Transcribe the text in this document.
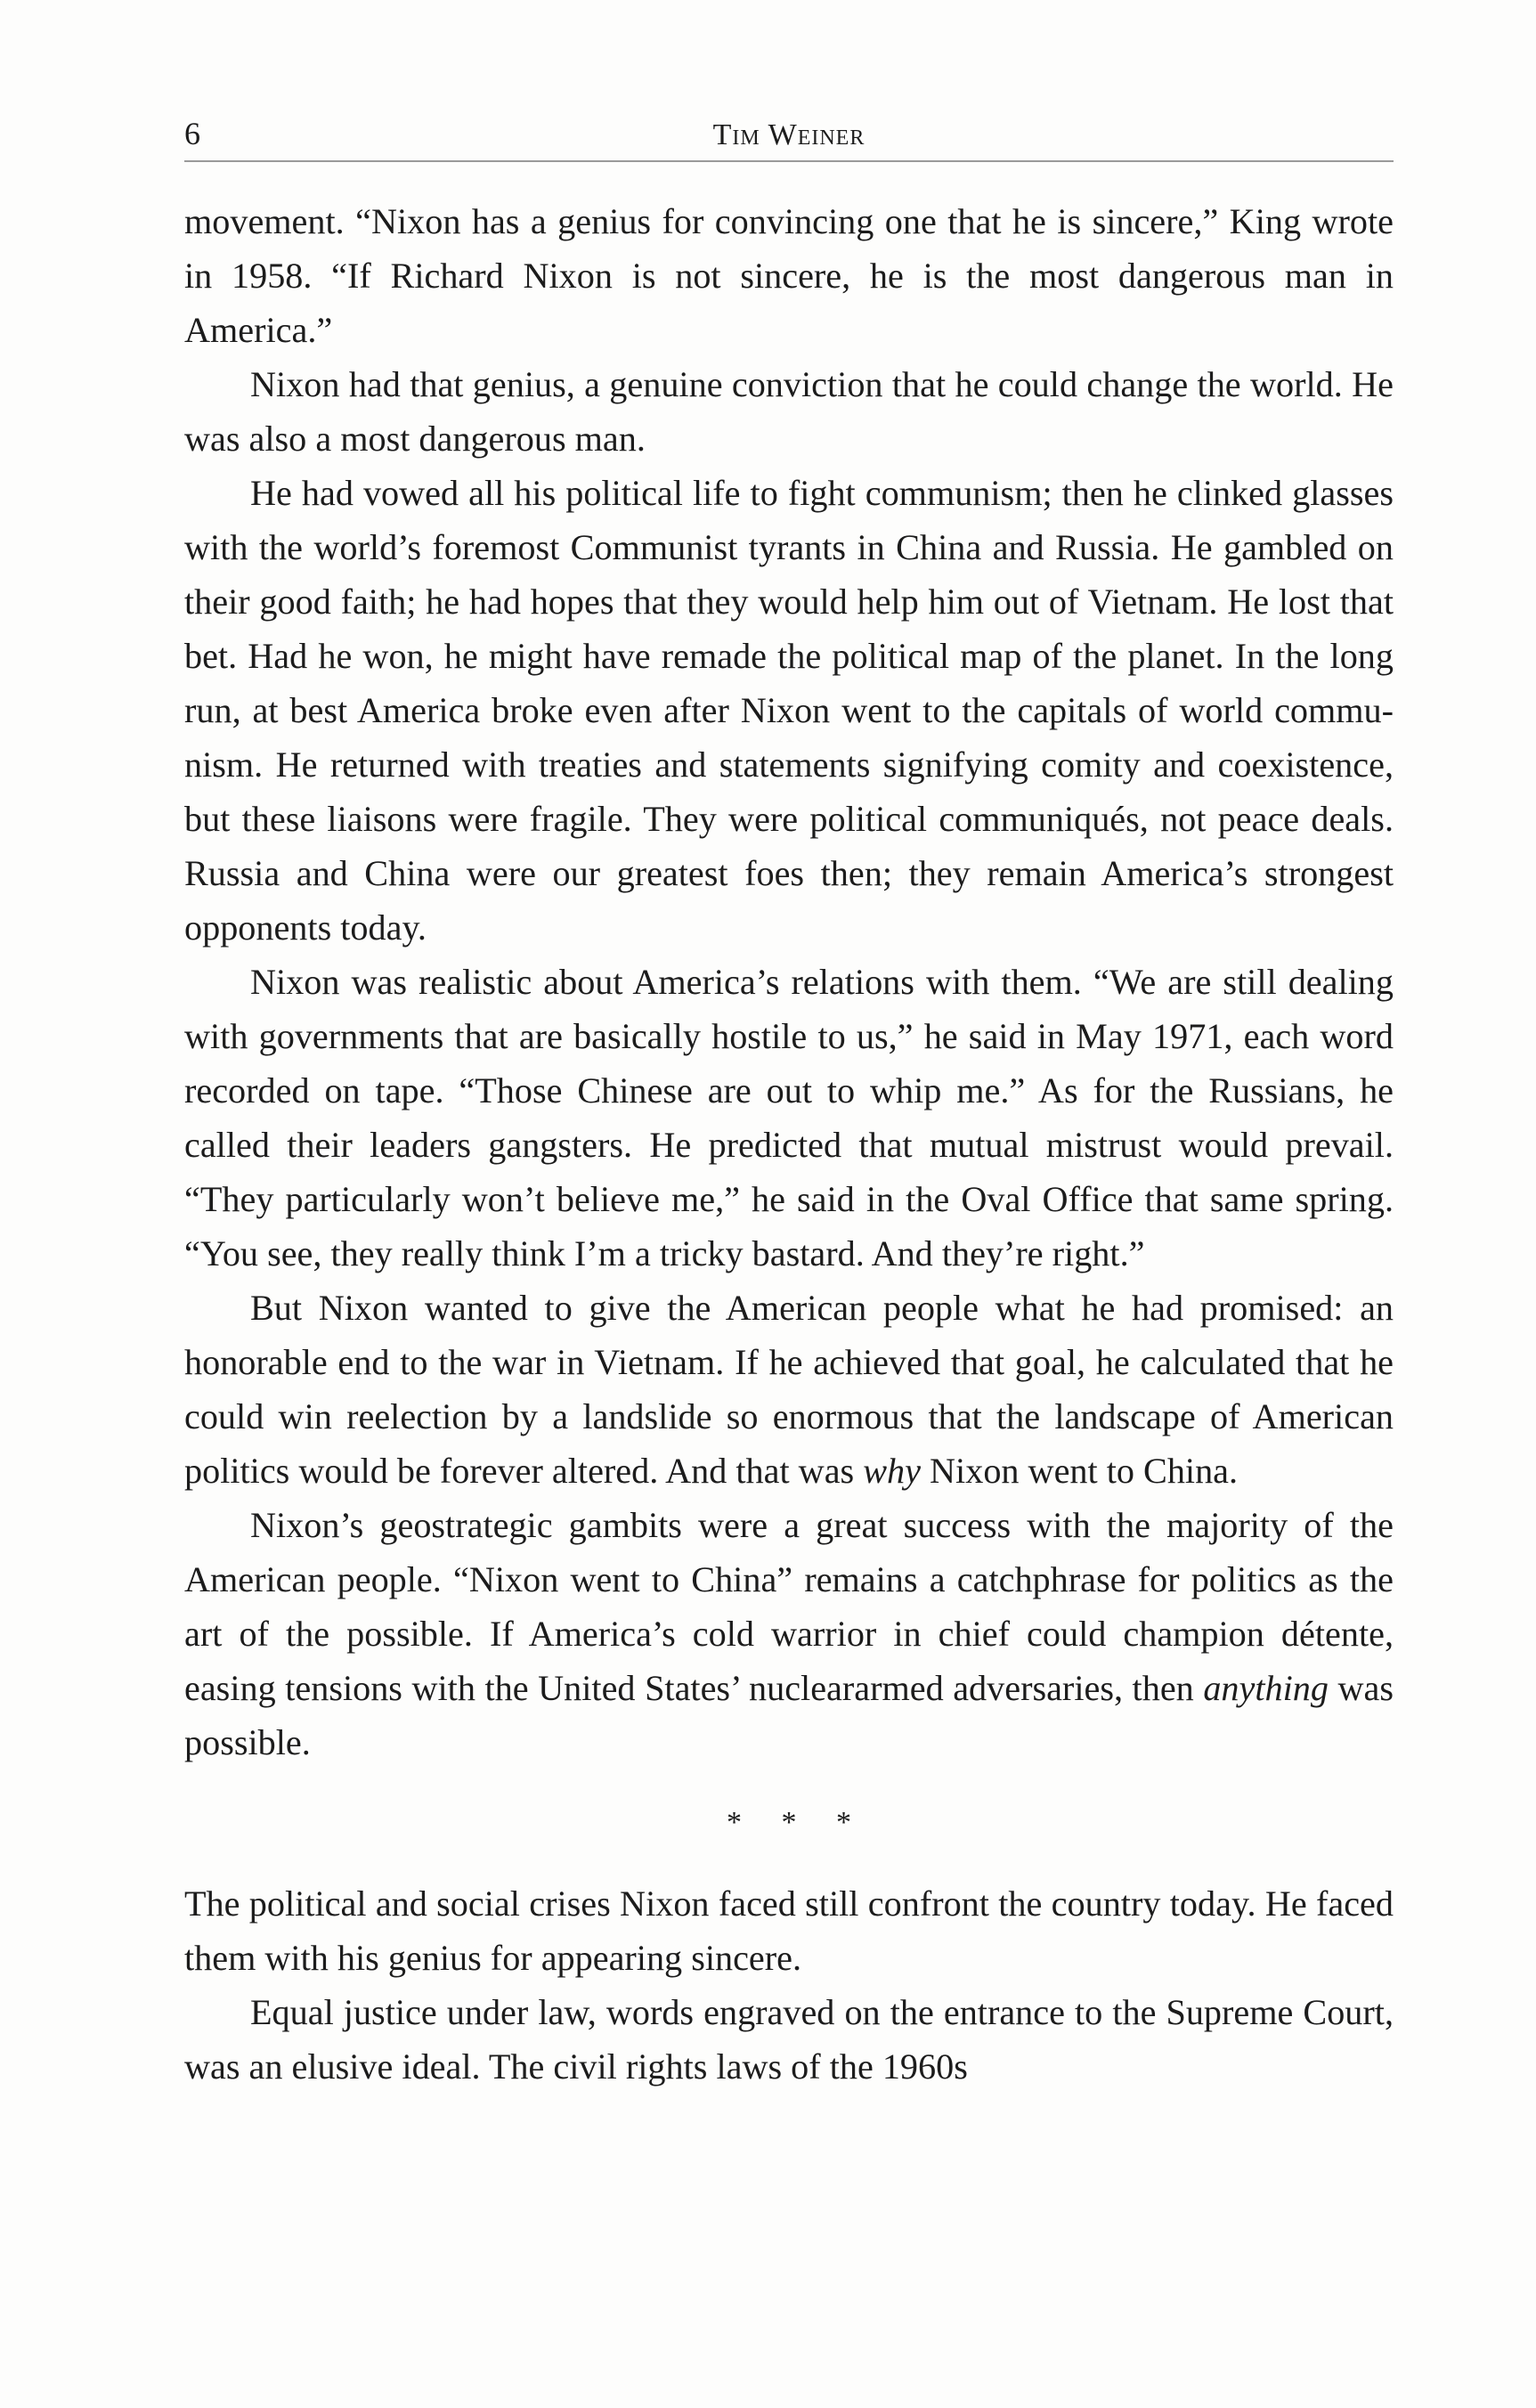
6	Tim Weiner

movement. “Nixon has a genius for convincing one that he is sincere,” King wrote in 1958. “If Richard Nixon is not sincere, he is the most dangerous man in America.”

Nixon had that genius, a genuine conviction that he could change the world. He was also a most dangerous man.

He had vowed all his political life to fight communism; then he clinked glasses with the world’s foremost Communist tyrants in China and Russia. He gambled on their good faith; he had hopes that they would help him out of Vietnam. He lost that bet. Had he won, he might have remade the political map of the planet. In the long run, at best America broke even after Nixon went to the capitals of world communism. He returned with treaties and statements signifying comity and coexistence, but these liaisons were fragile. They were political communiqués, not peace deals. Russia and China were our greatest foes then; they remain America’s strongest opponents today.

Nixon was realistic about America’s relations with them. “We are still dealing with governments that are basically hostile to us,” he said in May 1971, each word recorded on tape. “Those Chinese are out to whip me.” As for the Russians, he called their leaders gangsters. He predicted that mutual mistrust would prevail. “They particularly won’t believe me,” he said in the Oval Office that same spring. “You see, they really think I’m a tricky bastard. And they’re right.”

But Nixon wanted to give the American people what he had promised: an honorable end to the war in Vietnam. If he achieved that goal, he calculated that he could win reelection by a landslide so enormous that the landscape of American politics would be forever altered. And that was why Nixon went to China.

Nixon’s geostrategic gambits were a great success with the majority of the American people. “Nixon went to China” remains a catchphrase for politics as the art of the possible. If America’s cold warrior in chief could champion détente, easing tensions with the United States’ nucleararmed adversaries, then anything was possible.

* * *

The political and social crises Nixon faced still confront the country today. He faced them with his genius for appearing sincere.

Equal justice under law, words engraved on the entrance to the Supreme Court, was an elusive ideal. The civil rights laws of the 1960s
